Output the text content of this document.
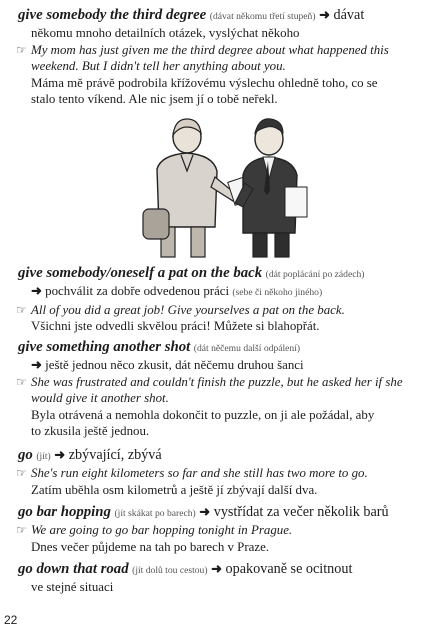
give somebody the third degree (dávat někomu třetí stupeň) ➜ dávat
někomu mnoho detailních otázek, vyslýchat někoho
☞ My mom has just given me the third degree about what happened this
weekend. But I didn't tell her anything about you.
Máma mě právě podrobila křížovému výslechu ohledně toho, co se
stalo tento víkend. Ale nic jsem jí o tobě neřekl.
give somebody/oneself a pat on the back (dát poplácání po zádech)
➜ pochválit za dobře odvedenou práci (sebe či někoho jiného)
☞ All of you did a great job! Give yourselves a pat on the back.
Všichni jste odvedli skvělou práci! Můžete si blahopřát.
give something another shot (dát něčemu další odpálení)
➜ ještě jednou něco zkusit, dát něčemu druhou šanci
☞ She was frustrated and couldn't finish the puzzle, but he asked her if she
would give it another shot.
Byla otrávená a nemohla dokončit to puzzle, on ji ale požádal, aby
to zkusila ještě jednou.
go (jít) ➜ zbývající, zbývá
☞ She's run eight kilometers so far and she still has two more to go.
Zatím uběhla osm kilometrů a ještě jí zbývají další dva.
go bar hopping (jít skákat po barech) ➜ vystřídat za večer několik barů
☞ We are going to go bar hopping tonight in Prague.
Dnes večer půjdeme na tah po barech v Praze.
go down that road (jít dolů tou cestou) ➜ opakovaně se ocitnout
ve stejné situaci
22
